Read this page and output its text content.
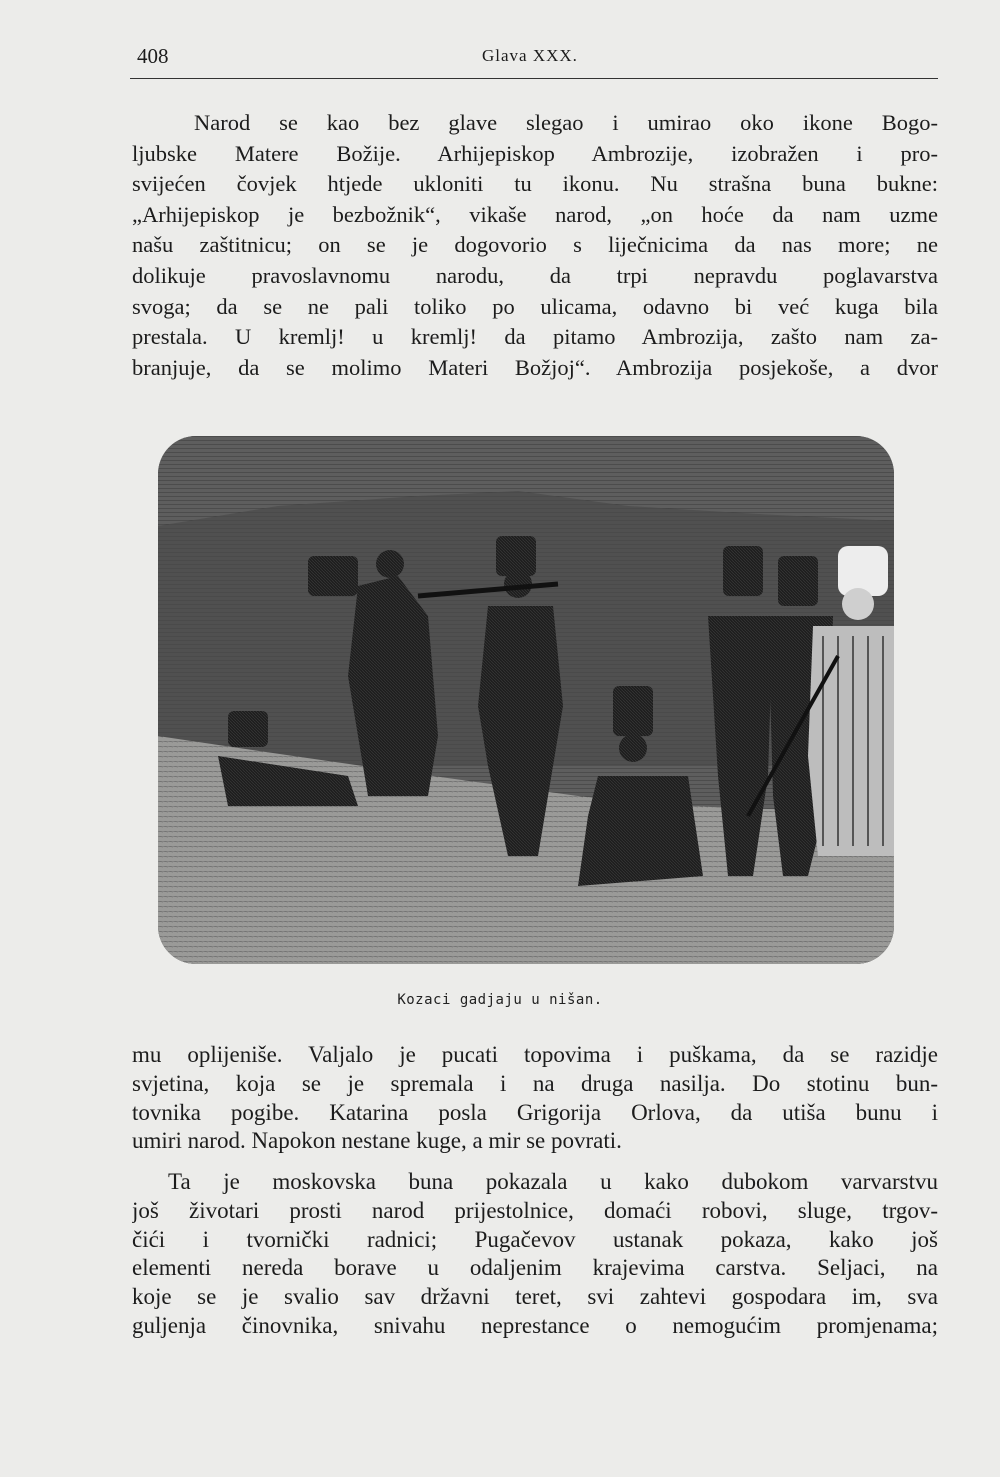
408	Glava XXX.
Narod se kao bez glave slegao i umirao oko ikone Bogo-
ljubske Matere Božije. Arhijepiskop Ambrozije, izobražen i pro-
svijećen čovjek htjede ukloniti tu ikonu. Nu strašna buna bukne:
„Arhijepiskop je bezbožnik“, vikaše narod, „on hoće da nam uzme
našu zaštitnicu; on se je dogovorio s liječnicima da nas more; ne
dolikuje pravoslavnomu narodu, da trpi nepravdu poglavarstva
svoga; da se ne pali toliko po ulicama, odavno bi već kuga bila
prestala. U kremlj! u kremlj! da pitamo Ambrozija, zašto nam za-
branjuje, da se molimo Materi Božjoj“. Ambrozija posjekoše, a dvor
Kozaci gadjaju u nišan.
mu oplijeniše. Valjalo je pucati topovima i puškama, da se razidje
svjetina, koja se je spremala i na druga nasilja. Do stotinu bun-
tovnika pogibe. Katarina posla Grigorija Orlova, da utiša bunu i
umiri narod. Napokon nestane kuge, a mir se povrati.
Ta je moskovska buna pokazala u kako dubokom varvarstvu
još životari prosti narod prijestolnice, domaći robovi, sluge, trgov-
čići i tvornički radnici; Pugačevov ustanak pokaza, kako još
elementi nereda borave u odaljenim krajevima carstva. Seljaci, na
koje se je svalio sav državni teret, svi zahtevi gospodara im, sva
guljenja činovnika, snivahu neprestance o nemogućim promjenama;
